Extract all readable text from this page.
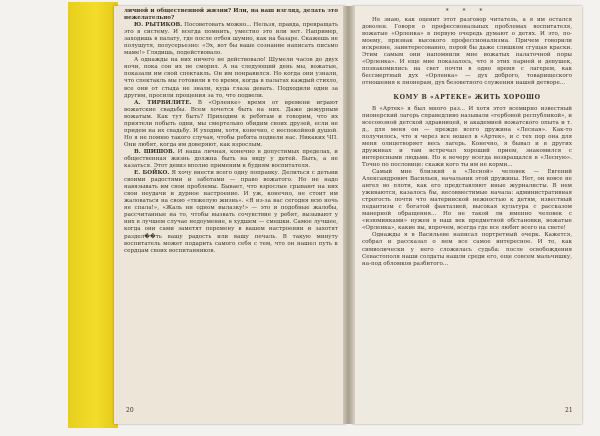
личной и общественной жизни? Или, на ваш взгляд, делать это нежелательно?

Ю. РЫТИКОВ. Посоветовать можно... Нельзя, правда, превращать это в систему. И всегда помнить, уместно это или нет. Например, заходишь в палату, где после отбоя шумно, как на базаре. Скажешь не полушутя, полусерьезно: «Эх, вот бы ваше сознание написать письмо маме!» Глядишь, подействовало.

А однажды на них ничего не действовало! Шумели часов до двух ночи, пока сон их не сморил. А на следующий день мы, вожатые, показали им свой спектакль. Он им понравился. Но когда они узнали, что спектакль мы готовили в то время, когда в палатах каждый стихло, все они от стыда не знали, куда глаза девать. Подходили один за другим, просили прощения за то, что подвели.

А. ТИРВИЛИТЕ. В «Орленке» время от времени играют вожатские свадьбы. Всем хочется быть на них. Даже дежурным вожатым. Как тут быть? Приходим к ребятам и говорим, что их приятели побыть одни, мы смертельно обидим своих друзей, если не придем на их свадьбу. И уходим, хотя, конечно, с неспокойной душой. Но я не помню такого случая, чтобы ребята подвели нас. Никаких ЧП. Они любят, когда им доверяют, как взрослым.

В. ШИШОВ. И наша личная, конечно в допустимых пределах, и общественная жизнь должна быть на виду у детей. Быть, а не казаться. Этот девиз вполне применим к будням воспитателя.

Е. БОЙКО. Я хочу внести всего одну поправку. Делиться с детьми своими радостями и заботами — право вожатого. Но не надо навязывать им свои проблемы. Бывает, что взрослые срывают на них свои неудачи и дурное настроение. И уж, конечно, не стоит им жаловаться на свою «тяжелую жизнь». «Я из-за вас сегодня всю ночь не спала!», «Жаль ни одном вылазку!» — это и подобные жалобы, рассчитанные на то, чтобы вызвать сочувствие у ребят, вызывают у них в лучшем случае недоумение, в худшем — смешки. Самое лучшее, когда они сами заметят перемену в вашем настроении и захотят раздел��ть вашу радость или вашу печаль. В такую минуту воспитатель может подарить самого себя с тем, что он нашел путь к сердцам своих воспитанников.

* * *

Не знаю, как оценит этот разговор читатель, а я им остался доволен. Говоря о профессиональных проблемах воспитателя, вожатые «Орленка» в первую очередь думают о детях. И это, по-моему, признак высокого профессионализма. Причем говорили искренне, заинтересованно, порой бы даже слишком сгущая краски. Этим самым они напомнили мне вожатых палаточной поры «Орленка». И еще мне показалось, что я этих парней и девушек, познакомились на свет почти в одно время с лагерем, как бессмертный дух «Орленка» — дух доброго, товарищеского отношения к пионерам, дух безоветного служения нашей детворе...

КОМУ В «АРТЕКЕ» ЖИТЬ ХОРОШО

В «Артек» я был много раз... И хотя этот всемирно известный пионерский лагерь справедливо называли «гербовой республикой», и всесоюзной детской здравницей, и академией вожатского опыта и т. д., для меня он — прежде всего дружина «Лесная». Как-то получилось, что я через все вошел в «Артек», и с тех пор она для меня олицетворяет весь лагерь. Конечно, я бывал и в других дружинах и там встречал хороший прием, знакомился с интересными людьми. Но к вечеру всегда возвращался в «Лесную». Точно по пословице: скажи кого ты им не корми...

Самый мне близкий в «Лесной» человек — Евгений Александрович Васильев, начальник этой дружины. Нет, он вовсе не ангел во плоти, как его представляют иные журналисты. В нем уживаются, казалось бы, несовместимые начала: административная строгость почти что материнской нежностью к детям, известный педантизм с богатой фантазией, высокая культура с рассказом манерной обращения... Но не такой ли именно человек с «изюминками» нужен в наш век предметной обстановки, вожатые «Орленка», какие вы, впрочем, всегда где все любят всего на свете!

Однажды я в Васильеве написал портретный очерк. Кажется, собрал и рассказал о нем все самое интересное. И то, как символически у него сложилась судьба: после освобождения Севастополя наши солдаты нашли среди его, еще совсем мальчишку, на-под обломков разбитого...

20	21
